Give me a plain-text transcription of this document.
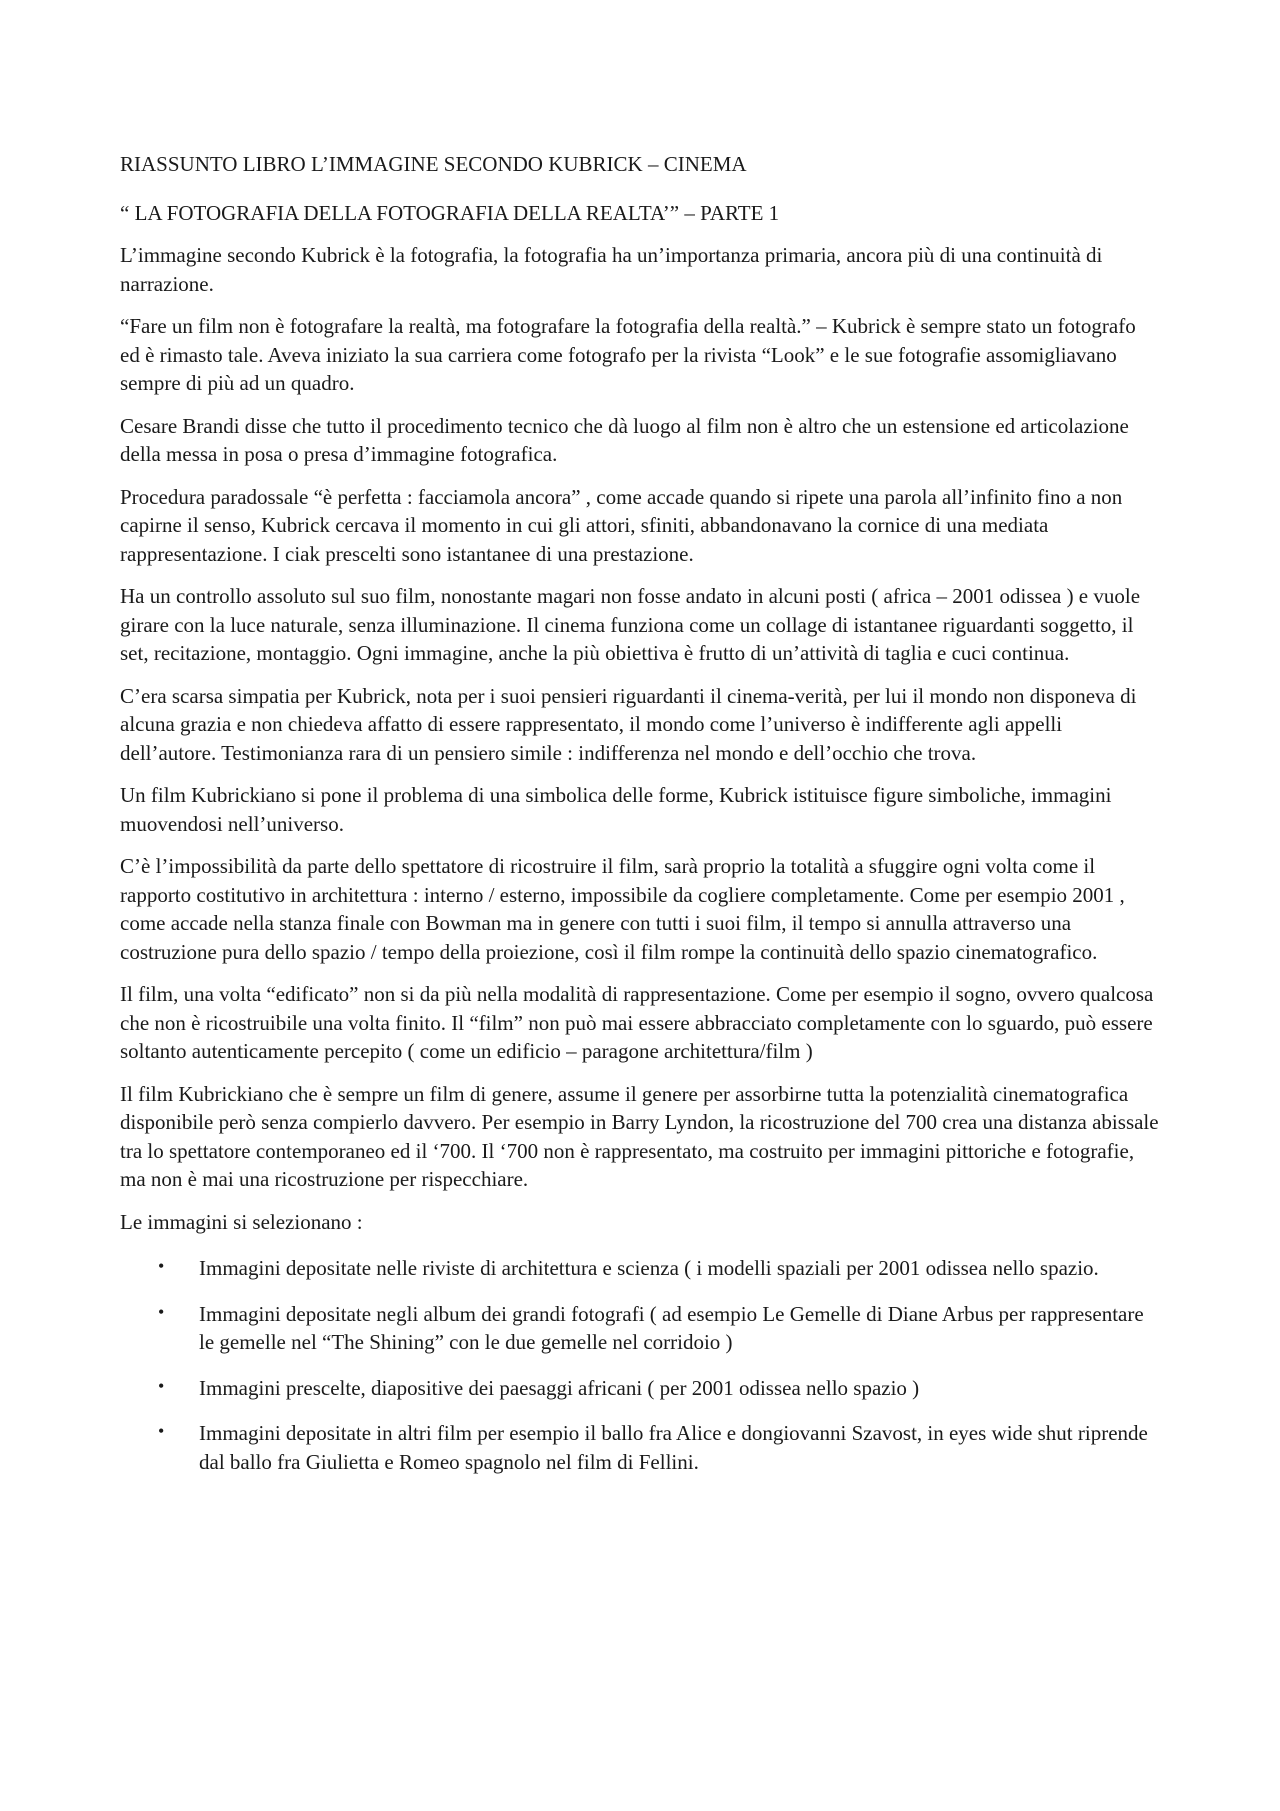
RIASSUNTO LIBRO L’IMMAGINE SECONDO KUBRICK – CINEMA

“ LA FOTOGRAFIA DELLA FOTOGRAFIA DELLA REALTA’” – PARTE 1

L’immagine secondo Kubrick è la fotografia, la fotografia ha un’importanza primaria, ancora più di una continuità di narrazione.

“Fare un film non è fotografare la realtà, ma fotografare la fotografia della realtà.” – Kubrick è sempre stato un fotografo ed è rimasto tale. Aveva iniziato la sua carriera come fotografo per la rivista “Look” e le sue fotografie assomigliavano sempre di più ad un quadro.

Cesare Brandi disse che tutto il procedimento tecnico che dà luogo al film non è altro che un estensione ed articolazione della messa in posa o presa d’immagine fotografica.

Procedura paradossale “è perfetta : facciamola ancora” , come accade quando si ripete una parola all’infinito fino a non capirne il senso, Kubrick cercava il momento in cui gli attori, sfiniti, abbandonavano la cornice di una mediata rappresentazione. I ciak prescelti sono istantanee di una prestazione.

Ha un controllo assoluto sul suo film, nonostante magari non fosse andato in alcuni posti ( africa – 2001 odissea ) e vuole girare con la luce naturale, senza illuminazione. Il cinema funziona come un collage di istantanee riguardanti soggetto, il set, recitazione, montaggio. Ogni immagine, anche la più obiettiva è frutto di un’attività di taglia e cuci continua.

C’era scarsa simpatia per Kubrick, nota per i suoi pensieri riguardanti il cinema-verità, per lui il mondo non disponeva di alcuna grazia e non chiedeva affatto di essere rappresentato, il mondo come l’universo è indifferente agli appelli dell’autore. Testimonianza rara di un pensiero simile : indifferenza nel mondo e dell’occhio che trova.

Un film Kubrickiano si pone il problema di una simbolica delle forme, Kubrick istituisce figure simboliche, immagini muovendosi nell’universo.

C’è l’impossibilità da parte dello spettatore di ricostruire il film, sarà proprio la totalità a sfuggire ogni volta come il rapporto costitutivo in architettura : interno / esterno, impossibile da cogliere completamente. Come per esempio 2001 , come accade nella stanza finale con Bowman ma in genere con tutti i suoi film, il tempo si annulla attraverso una costruzione pura dello spazio / tempo della proiezione, così il film rompe la continuità dello spazio cinematografico.

Il film, una volta “edificato” non si da più nella modalità di rappresentazione. Come per esempio il sogno, ovvero qualcosa che non è ricostruibile una volta finito. Il “film” non può mai essere abbracciato completamente con lo sguardo, può essere soltanto autenticamente percepito ( come un edificio – paragone architettura/film )

Il film Kubrickiano che è sempre un film di genere, assume il genere per assorbirne tutta la potenzialità cinematografica disponibile però senza compierlo davvero. Per esempio in Barry Lyndon, la ricostruzione del 700 crea una distanza abissale tra lo spettatore contemporaneo ed il ‘700. Il ‘700 non è rappresentato, ma costruito per immagini pittoriche e fotografie, ma non è mai una ricostruzione per rispecchiare.

Le immagini si selezionano :

• Immagini depositate nelle riviste di architettura e scienza ( i modelli spaziali per 2001 odissea nello spazio.
• Immagini depositate negli album dei grandi fotografi ( ad esempio Le Gemelle di Diane Arbus per rappresentare le gemelle nel “The Shining” con le due gemelle nel corridoio )
• Immagini prescelte, diapositive dei paesaggi africani ( per 2001 odissea nello spazio )
• Immagini depositate in altri film per esempio il ballo fra Alice e dongiovanni Szavost, in eyes wide shut riprende dal ballo fra Giulietta e Romeo spagnolo nel film di Fellini.
